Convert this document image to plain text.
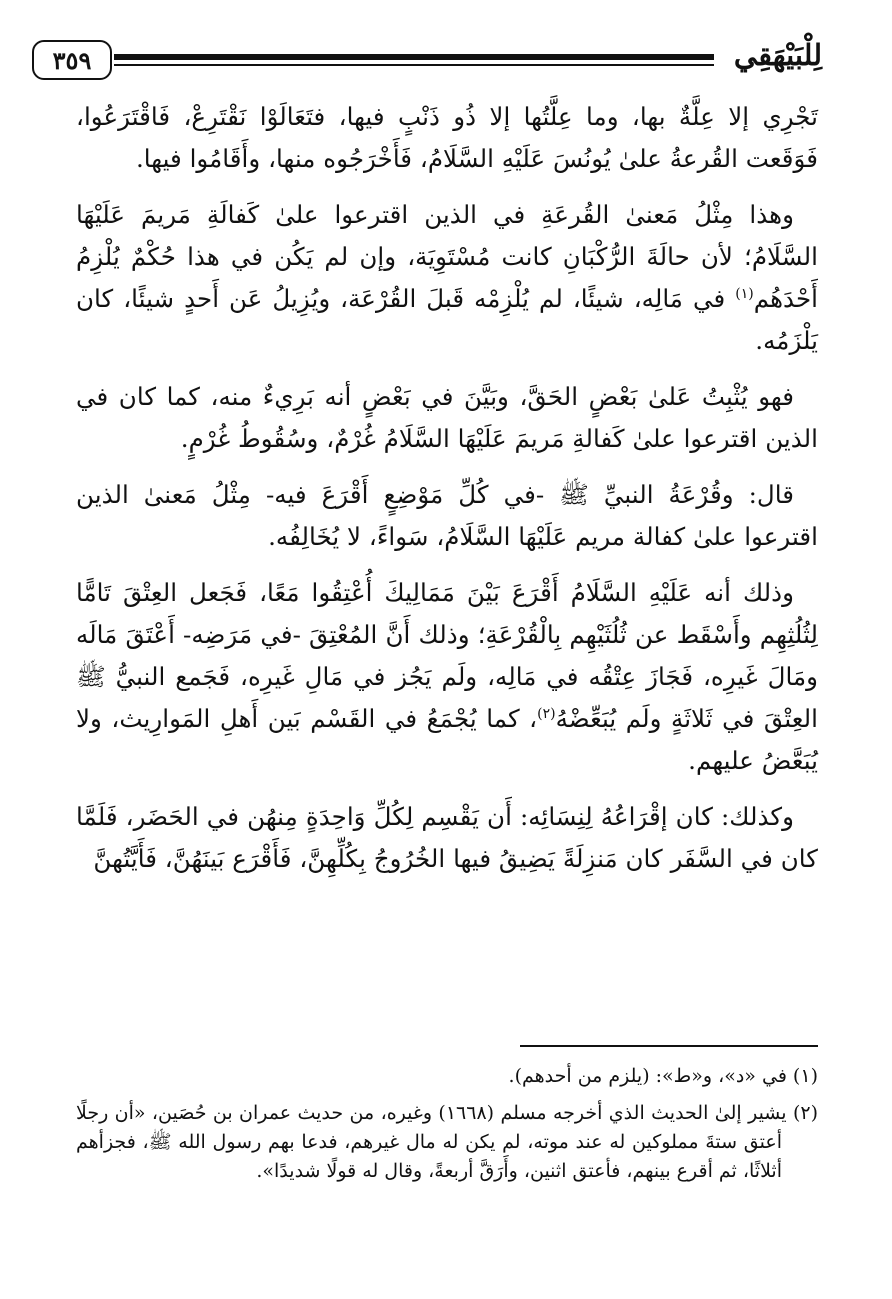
٣٥٩	لِلْبَيْهَقِي

تَجْرِي إلا عِلَّةٌ بها، وما عِلَّتُها إلا ذُو ذَنْبٍ فيها، فتَعَالَوْا نَقْتَرِعْ، فَاقْتَرَعُوا، فَوَقَعت القُرعةُ علىٰ يُونُسَ عَلَيْهِ السَّلَامُ، فَأَخْرَجُوه منها، وأَقَامُوا فيها.

وهذا مِثْلُ مَعنىٰ القُرعَةِ في الذين اقترعوا علىٰ كَفالَةِ مَريمَ عَلَيْهَا السَّلَامُ؛ لأن حالَةَ الرُّكْبَانِ كانت مُسْتَوِيَة، وإن لم يَكُن في هذا حُكْمٌ يُلْزِمُ أَحْدَهُم$^{(١)}$ في مَالِه، شيئًا، لم يُلْزِمْه قَبلَ القُرْعَة، ويُزِيلُ عَن أَحدٍ شيئًا، كان يَلْزَمُه.

فهو يُثْبِتُ عَلىٰ بَعْضٍ الحَقَّ، وبَيَّنَ في بَعْضٍ أنه بَرِيءٌ منه، كما كان في الذين اقترعوا علىٰ كَفالةِ مَريمَ عَلَيْهَا السَّلَامُ غُرْمٌ، وسُقُوطُ غُرْمٍ.

قال: وقُرْعَةُ النبيِّ ﷺ -في كُلِّ مَوْضِعٍ أَقْرَعَ فيه- مِثْلُ مَعنىٰ الذين اقترعوا علىٰ كفالة مريم عَلَيْهَا السَّلَامُ، سَواءً، لا يُخَالِفُه.

وذلك أنه عَلَيْهِ السَّلَامُ أَقْرَعَ بَيْنَ مَمَالِيكَ أُعْتِقُوا مَعًا، فَجَعل العِتْقَ تَامًّا لِثُلُثِهِم وأَسْقَط عن ثُلُثَيْهِم بِالْقُرْعَةِ؛ وذلك أَنَّ المُعْتِقَ -في مَرَضِه- أَعْتَقَ مَالَه ومَالَ غَيرِه، فَجَازَ عِتْقُه في مَالِه، ولَم يَجُز في مَالِ غَيرِه، فَجَمع النبيُّ ﷺ العِتْقَ في ثَلاثَةٍ ولَم يُبَعِّضْهُ$^{(٢)}$، كما يُجْمَعُ في القَسْم بَين أَهلِ المَوارِيث، ولا يُبَعَّضُ عليهم.

وكذلك: كان إقْرَاعُهُ لِنِسَائِه: أَن يَقْسِم لِكُلِّ وَاحِدَةٍ مِنهُن في الحَضَر، فَلَمَّا كان في السَّفَر كان مَنزِلَةً يَضِيقُ فيها الخُرُوجُ بِكُلِّهِنَّ، فَأَقْرَع بَينَهُنَّ، فَأَيَّتُهنَّ

(١) في «د»، و«ط»: (يلزم من أحدهم).

(٢) يشير إلىٰ الحديث الذي أخرجه مسلم (١٦٦٨) وغيره، من حديث عمران بن حُصَين، «أن رجلًا أعتق ستةَ مملوكين له عند موته، لم يكن له مال غيرهم، فدعا بهم رسول الله ﷺ، فجزأهم أثلاثًا، ثم أقرع بينهم، فأعتق اثنين، وأَرَقَّ أربعةً، وقال له قولًا شديدًا».
